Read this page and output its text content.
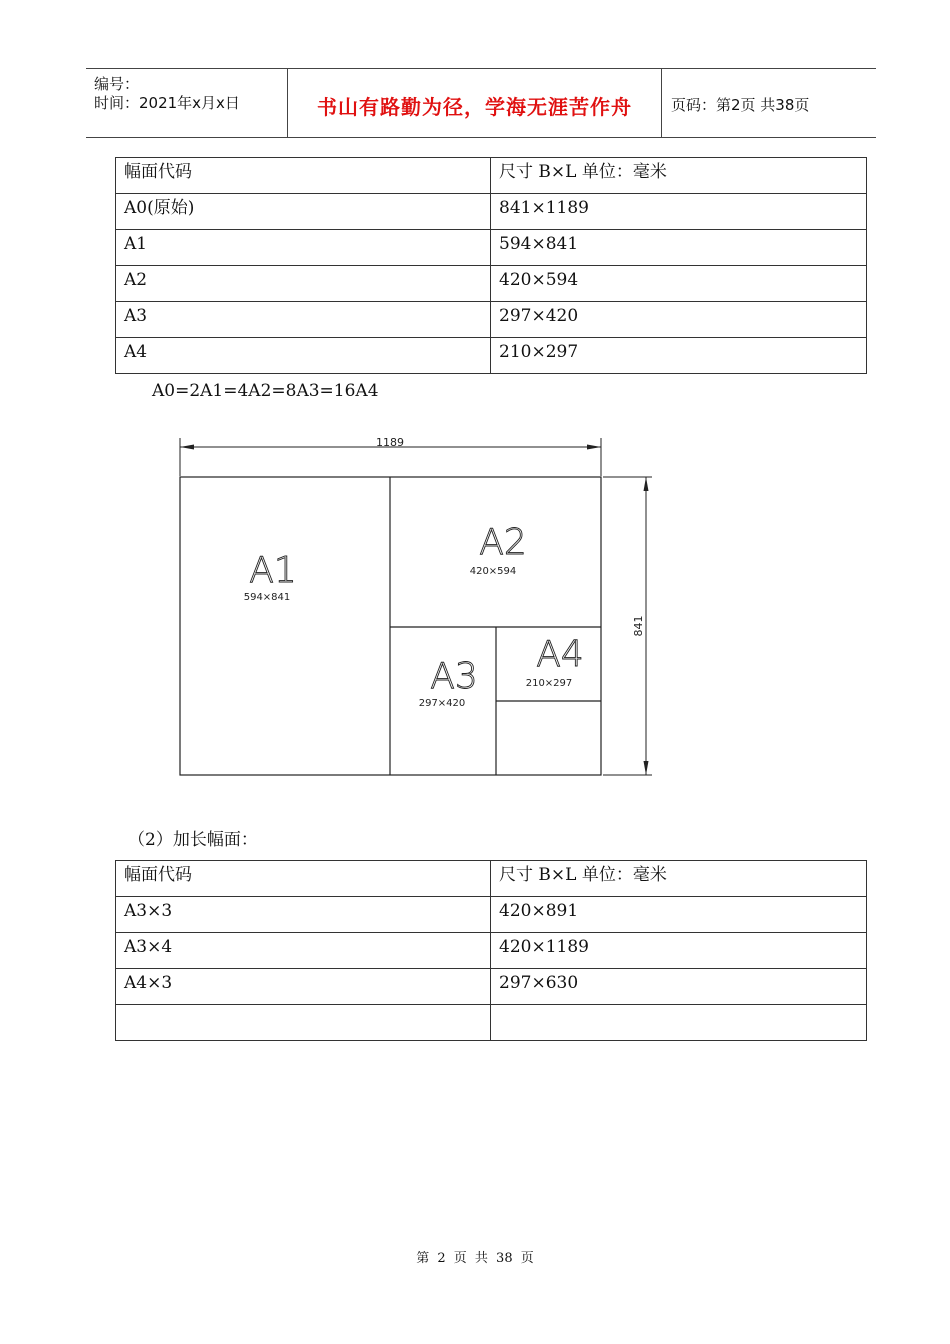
编号：
时间：2021年x月x日	书山有路勤为径，学海无涯苦作舟	页码：第2页 共38页
幅面代码	尺寸 B×L 单位：毫米
A0(原始)	841×1189
A1	594×841
A2	420×594
A3	297×420
A4	210×297
A0=2A1=4A2=8A3=16A4
1189
841
A1
594×841
A2
420×594
A3
297×420
A4
210×297
（2）加长幅面：
幅面代码	尺寸 B×L 单位：毫米
A3×3	420×891
A3×4	420×1189
A4×3	297×630

第 2 页 共 38 页
